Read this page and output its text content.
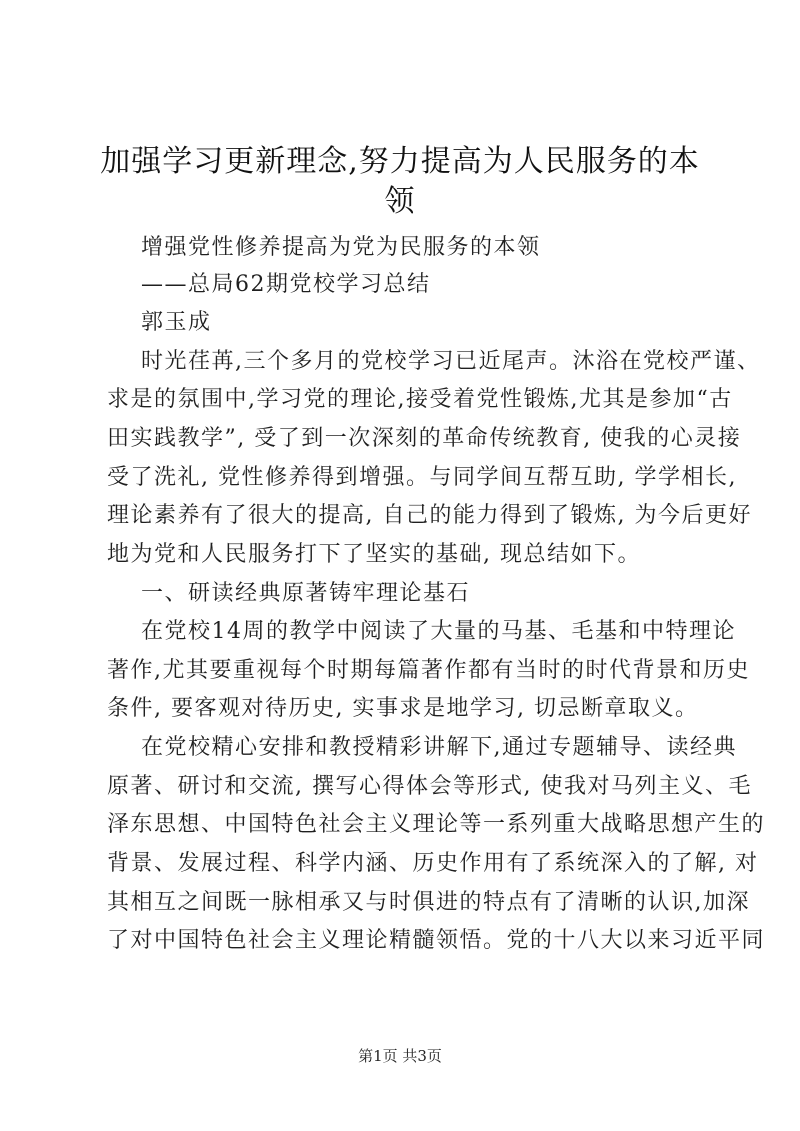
加强学习更新理念,努力提高为人民服务的本
领
增强党性修养提高为党为民服务的本领
——总局62期党校学习总结
郭玉成
时光荏苒,三个多月的党校学习已近尾声。沐浴在党校严谨、
求是的氛围中,学习党的理论,接受着党性锻炼,尤其是参加“古
田实践教学”, 受了到一次深刻的革命传统教育, 使我的心灵接
受了洗礼, 党性修养得到增强。与同学间互帮互助, 学学相长,
理论素养有了很大的提高, 自己的能力得到了锻炼, 为今后更好
地为党和人民服务打下了坚实的基础, 现总结如下。
一、研读经典原著铸牢理论基石
在党校14周的教学中阅读了大量的马基、毛基和中特理论
著作,尤其要重视每个时期每篇著作都有当时的时代背景和历史
条件, 要客观对待历史, 实事求是地学习, 切忌断章取义。
在党校精心安排和教授精彩讲解下,通过专题辅导、读经典
原著、研讨和交流, 撰写心得体会等形式, 使我对马列主义、毛
泽东思想、中国特色社会主义理论等一系列重大战略思想产生的
背景、发展过程、科学内涵、历史作用有了系统深入的了解, 对
其相互之间既一脉相承又与时俱进的特点有了清晰的认识,加深
了对中国特色社会主义理论精髓领悟。党的十八大以来习近平同
第1页 共3页
